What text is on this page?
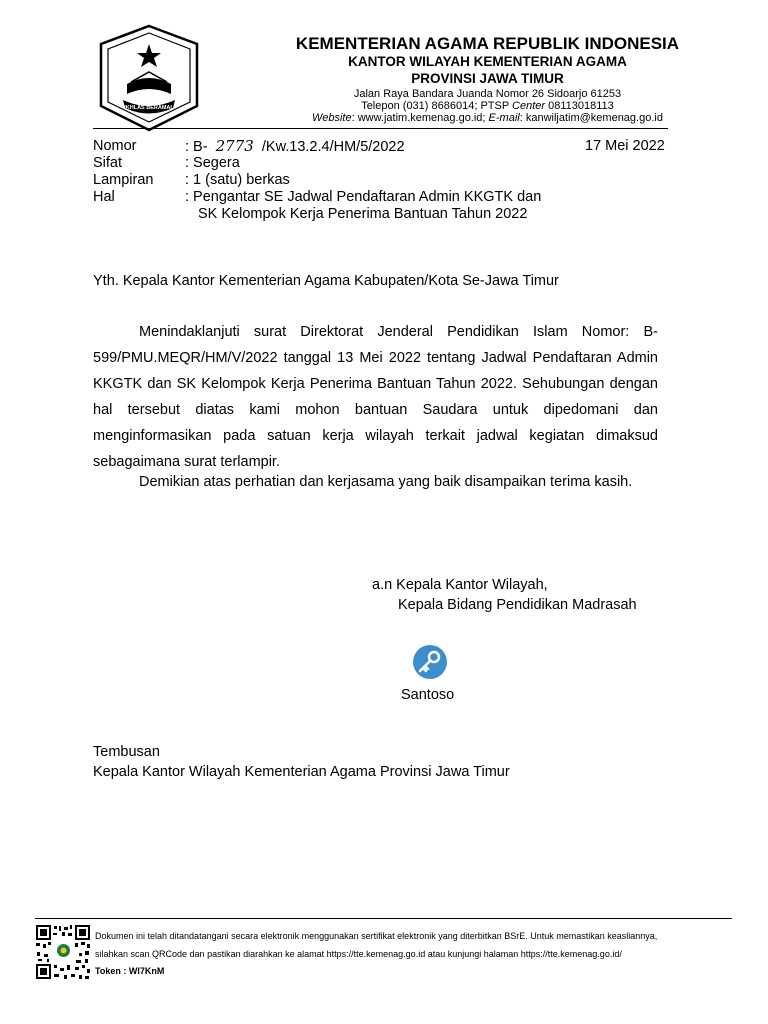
IKHLAS BERAMAL
KEMENTERIAN AGAMA REPUBLIK INDONESIA
KANTOR WILAYAH KEMENTERIAN AGAMA
PROVINSI JAWA TIMUR
Jalan Raya Bandara Juanda Nomor 26 Sidoarjo 61253
Telepon (031) 8686014; PTSP Center 08113018113
Website: www.jatim.kemenag.go.id; E-mail: kanwiljatim@kemenag.go.id
Nomor	: B- 2773 /Kw.13.2.4/HM/5/2022	17 Mei 2022
Sifat	: Segera
Lampiran : 1 (satu) berkas
Hal	: Pengantar SE Jadwal Pendaftaran Admin KKGTK dan
SK Kelompok Kerja Penerima Bantuan Tahun 2022
Yth. Kepala Kantor Kementerian Agama Kabupaten/Kota Se-Jawa Timur

Menindaklanjuti surat Direktorat Jenderal Pendidikan Islam Nomor: B-599/PMU.MEQR/HM/V/2022 tanggal 13 Mei 2022 tentang Jadwal Pendaftaran Admin KKGTK dan SK Kelompok Kerja Penerima Bantuan Tahun 2022. Sehubungan dengan hal tersebut diatas kami mohon bantuan Saudara untuk dipedomani dan menginformasikan pada satuan kerja wilayah terkait jadwal kegiatan dimaksud sebagaimana surat terlampir.

Demikian atas perhatian dan kerjasama yang baik disampaikan terima kasih.
a.n Kepala Kantor Wilayah,
Kepala Bidang Pendidikan Madrasah
Santoso
Tembusan
Kepala Kantor Wilayah Kementerian Agama Provinsi Jawa Timur
Dokumen ini telah ditandatangani secara elektronik menggunakan sertifikat elektronik yang diterbitkan BSrE. Untuk memastikan keasliannya,
silahkan scan QRCode dan pastikan diarahkan ke alamat https://tte.kemenag.go.id atau kunjungi halaman https://tte.kemenag.go.id/
Token : WI7KnM
